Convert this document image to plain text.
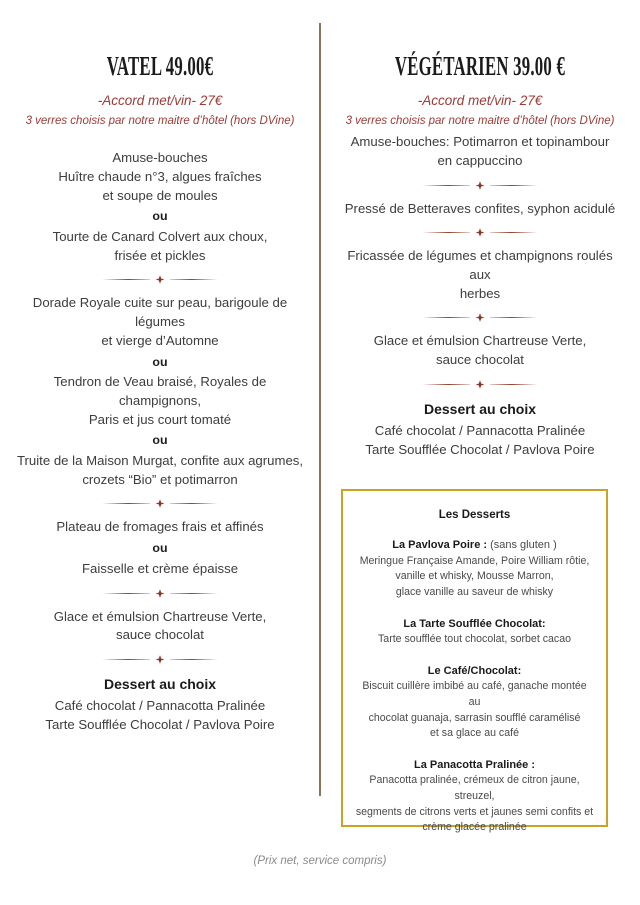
VATEL 49.00€
-Accord met/vin- 27€
3 verres choisis par notre maitre d’hôtel (hors DVine)
Amuse-bouches
Huître chaude n°3, algues fraîches
et soupe de moules
ou
Tourte de Canard Colvert aux choux,
frisée et pickles
Dorade Royale cuite sur peau, barigoule de légumes
et vierge d’Automne
ou
Tendron de Veau braisé, Royales de champignons,
Paris et jus court tomaté
ou
Truite de la Maison Murgat, confite aux agrumes,
crozets “Bio” et potimarron
Plateau de fromages frais et affinés
ou
Faisselle et crème épaisse
Glace et émulsion Chartreuse Verte,
sauce chocolat
Dessert au choix
Café chocolat / Pannacotta Pralinée
Tarte Soufflée Chocolat / Pavlova Poire
VÉGÉTARIEN 39.00 €
-Accord met/vin- 27€
3 verres choisis par notre maitre d’hôtel (hors DVine)
Amuse-bouches: Potimarron et topinambour
en cappuccino
Pressé de Betteraves confites, syphon acidulé
Fricassée de légumes et champignons roulés aux
herbes
Glace et émulsion Chartreuse Verte,
sauce chocolat
Dessert au choix
Café chocolat / Pannacotta Pralinée
Tarte Soufflée Chocolat / Pavlova Poire
Les Desserts
La Pavlova Poire : (sans gluten )
Meringue Française Amande, Poire William rôtie,
vanille et whisky, Mousse Marron,
glace vanille au saveur de whisky
La Tarte Soufflée Chocolat:
Tarte soufflée tout chocolat, sorbet cacao
Le Café/Chocolat:
Biscuit cuillère imbibé au café, ganache montée au
chocolat guanaja, sarrasin soufflé caramélisé
et sa glace au café
La Panacotta Pralinée :
Panacotta pralinée, crémeux de citron jaune, streuzel,
segments de citrons verts et jaunes semi confits et
crème glacée pralinée
(Prix net, service compris)
